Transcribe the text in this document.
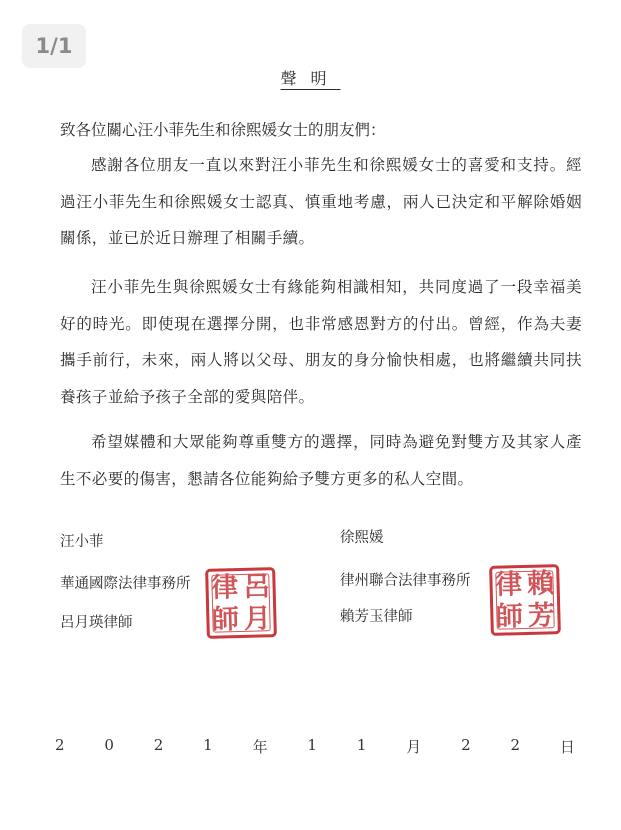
1/1
聲明
致各位關心汪小菲先生和徐熙媛女士的朋友們：

感謝各位朋友一直以來對汪小菲先生和徐熙媛女士的喜愛和支持。經過汪小菲先生和徐熙媛女士認真、慎重地考慮，兩人已決定和平解除婚姻關係，並已於近日辦理了相關手續。

汪小菲先生與徐熙媛女士有緣能夠相識相知，共同度過了一段幸福美好的時光。即使現在選擇分開，也非常感恩對方的付出。曾經，作為夫妻攜手前行，未來，兩人將以父母、朋友的身分愉快相處，也將繼續共同扶養孩子並給予孩子全部的愛與陪伴。

希望媒體和大眾能夠尊重雙方的選擇，同時為避免對雙方及其家人產生不必要的傷害，懇請各位能夠給予雙方更多的私人空間。

汪小菲
華通國際法律事務所
呂月瑛律師
律 呂
師 月
徐熙媛
律州聯合法律事務所
賴芳玉律師
律 賴
師 芳
2	0	2	1	年	1	1	月	2	2	日
